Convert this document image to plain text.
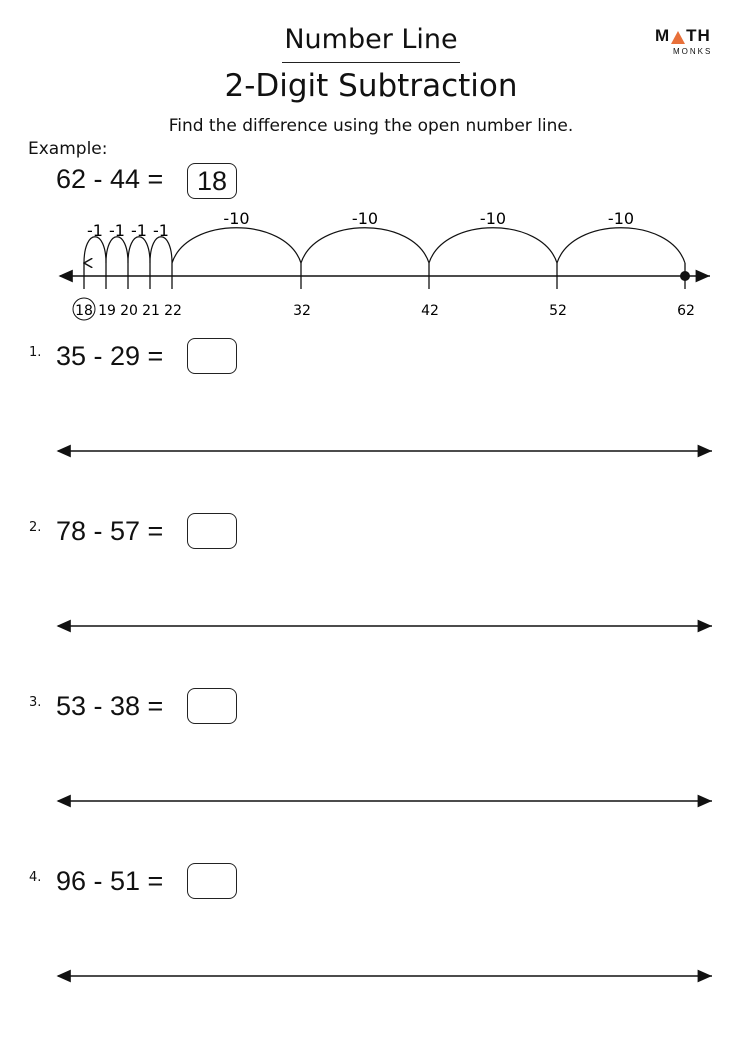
Number Line
2-Digit Subtraction
Find the difference using the open number line.
M TH
MONKS
Example:
62 - 44 =	18
1. 35 - 29 =
2. 78 - 57 =
3. 53 - 38 =
4. 96 - 51 =
-10
-10
-10
-10
-1
-1
-1
-1
18 19 20 21 22	32	42	52	62
